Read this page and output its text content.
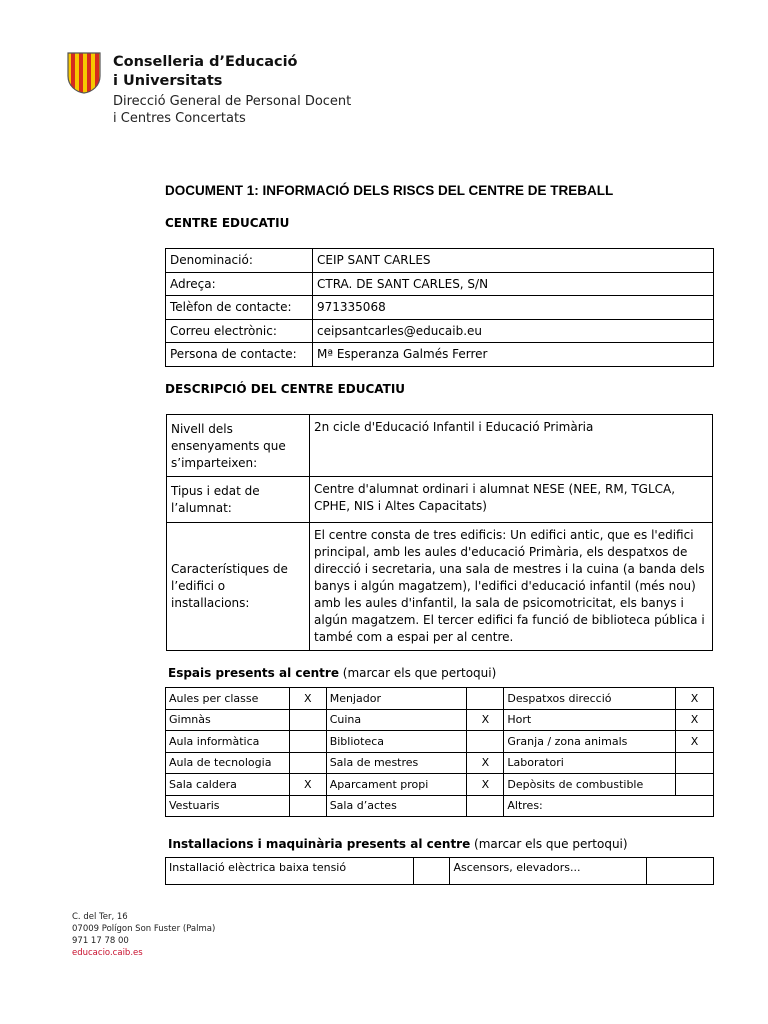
Conselleria d’Educació
i Universitats
Direcció General de Personal Docent
i Centres Concertats
DOCUMENT 1: INFORMACIÓ DELS RISCS DEL CENTRE DE TREBALL
CENTRE EDUCATIU
Denominació:	CEIP SANT CARLES
Adreça:	CTRA. DE SANT CARLES, S/N
Telèfon de contacte:	971335068
Correu electrònic:	ceipsantcarles@educaib.eu
Persona de contacte:	Mª Esperanza Galmés Ferrer
DESCRIPCIÓ DEL CENTRE EDUCATIU
Nivell dels ensenyaments que s’imparteixen:	2n cicle d'Educació Infantil i Educació Primària
Tipus i edat de l’alumnat:	Centre d'alumnat ordinari i alumnat NESE (NEE, RM, TGLCA, CPHE, NIS i Altes Capacitats)
Característiques de l’edifici o installacions:	El centre consta de tres edificis: Un edifici antic, que es l'edifici principal, amb les aules d'educació Primària, els despatxos de direcció i secretaria, una sala de mestres i la cuina (a banda dels banys i algún magatzem), l'edifici d'educació infantil (més nou) amb les aules d'infantil, la sala de psicomotricitat, els banys i algún magatzem. El tercer edifici fa funció de biblioteca pública i també com a espai per al centre.
Espais presents al centre (marcar els que pertoqui)
Aules per classe	X	Menjador		Despatxos direcció	X
Gimnàs		Cuina	X	Hort	X
Aula informàtica		Biblioteca		Granja / zona animals	X
Aula de tecnologia		Sala de mestres	X	Laboratori	
Sala caldera	X	Aparcament propi	X	Depòsits de combustible	
Vestuaris		Sala d’actes		Altres:	
Installacions i maquinària presents al centre (marcar els que pertoqui)
Installació elèctrica baixa tensió		Ascensors, elevadors...	
C. del Ter, 16
07009 Polígon Son Fuster (Palma)
971 17 78 00
educacio.caib.es
